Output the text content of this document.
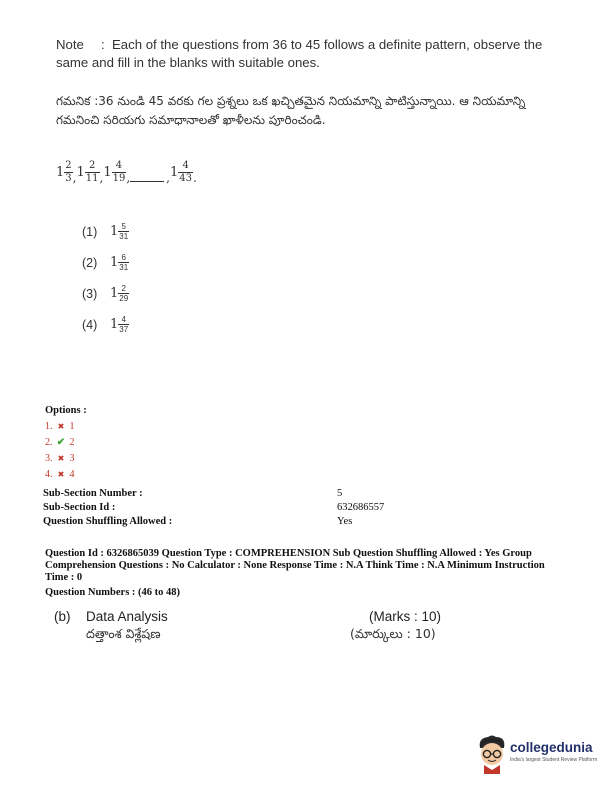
Note : Each of the questions from 36 to 45 follows a definite pattern, observe the same and fill in the blanks with suitable ones.
గమనిక :36 నుండి 45 వరకు గల ప్రశ్నలు ఒక ఖచ్చితమైన నియమాన్ని పాటిస్తున్నాయి. ఆ నియమాన్ని గమనించి సరియగు సమాధానాలతో ఖాళీలను పూరించండి.
$1 \frac{2}{3} ,1 \frac{2}{11} ,1 \frac{4}{19}$ ,	$,1 \frac{4}{43}$ .
(1) $1 \frac{5}{31}$
(2) $1 \frac{6}{31}$
(3) $1 \frac{2}{29}$
(4) $1 \frac{4}{37}$
Options :
1. ✖ 1
2. ✔ 2
3. ✖ 3
4. ✖ 4
Sub-Section Number :	5
Sub-Section Id :	632686557
Question Shuffling Allowed :	Yes
Question Id : 6326865039 Question Type : COMPREHENSION Sub Question Shuffling Allowed : Yes Group Comprehension Questions : No Calculator : None Response Time : N.A Think Time : N.A Minimum Instruction Time : 0
Question Numbers : (46 to 48)
(b) Data Analysis	(Marks : 10)
దత్తాంశ విశ్లేషణ	(మార్కులు : 10)
collegedunia
India's largest Student Review Platform
